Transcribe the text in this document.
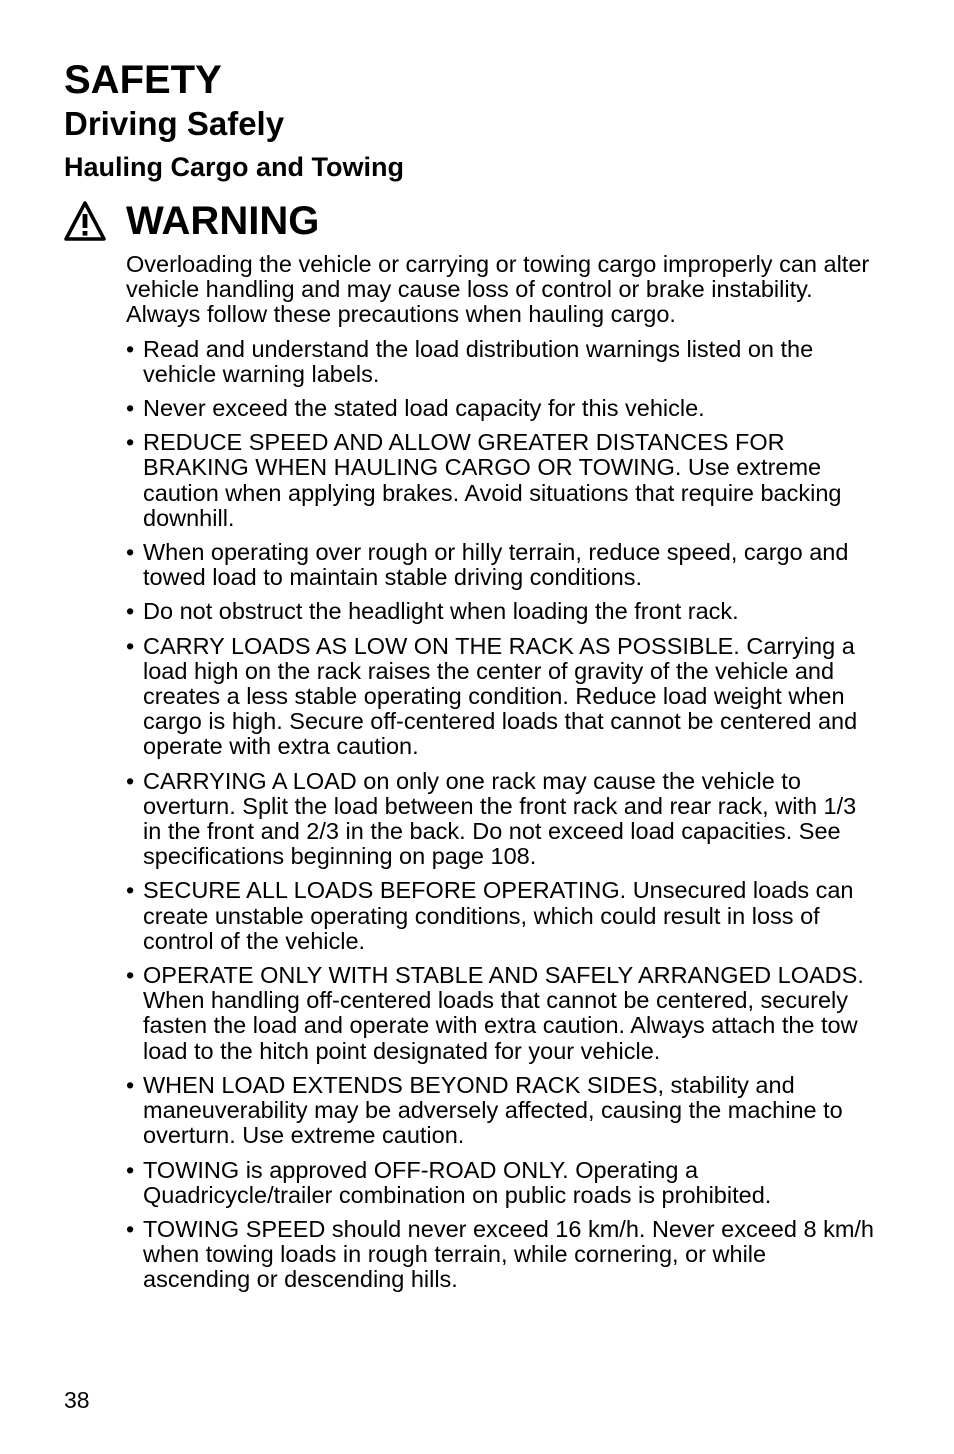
SAFETY
Driving Safely
Hauling Cargo and Towing
WARNING

Overloading the vehicle or carrying or towing cargo improperly can alter vehicle handling and may cause loss of control or brake instability. Always follow these precautions when hauling cargo.

• Read and understand the load distribution warnings listed on the vehicle warning labels.
• Never exceed the stated load capacity for this vehicle.
• REDUCE SPEED AND ALLOW GREATER DISTANCES FOR BRAKING WHEN HAULING CARGO OR TOWING. Use extreme caution when applying brakes. Avoid situations that require backing downhill.
• When operating over rough or hilly terrain, reduce speed, cargo and towed load to maintain stable driving conditions.
• Do not obstruct the headlight when loading the front rack.
• CARRY LOADS AS LOW ON THE RACK AS POSSIBLE. Carrying a load high on the rack raises the center of gravity of the vehicle and creates a less stable operating condition. Reduce load weight when cargo is high. Secure off-centered loads that cannot be centered and operate with extra caution.
• CARRYING A LOAD on only one rack may cause the vehicle to overturn. Split the load between the front rack and rear rack, with 1/3 in the front and 2/3 in the back. Do not exceed load capacities. See specifications beginning on page 108.
• SECURE ALL LOADS BEFORE OPERATING. Unsecured loads can create unstable operating conditions, which could result in loss of control of the vehicle.
• OPERATE ONLY WITH STABLE AND SAFELY ARRANGED LOADS. When handling off-centered loads that cannot be centered, securely fasten the load and operate with extra caution. Always attach the tow load to the hitch point designated for your vehicle.
• WHEN LOAD EXTENDS BEYOND RACK SIDES, stability and maneuverability may be adversely affected, causing the machine to overturn. Use extreme caution.
• TOWING is approved OFF-ROAD ONLY. Operating a Quadricycle/trailer combination on public roads is prohibited.
• TOWING SPEED should never exceed 16 km/h. Never exceed 8 km/h when towing loads in rough terrain, while cornering, or while ascending or descending hills.
38
